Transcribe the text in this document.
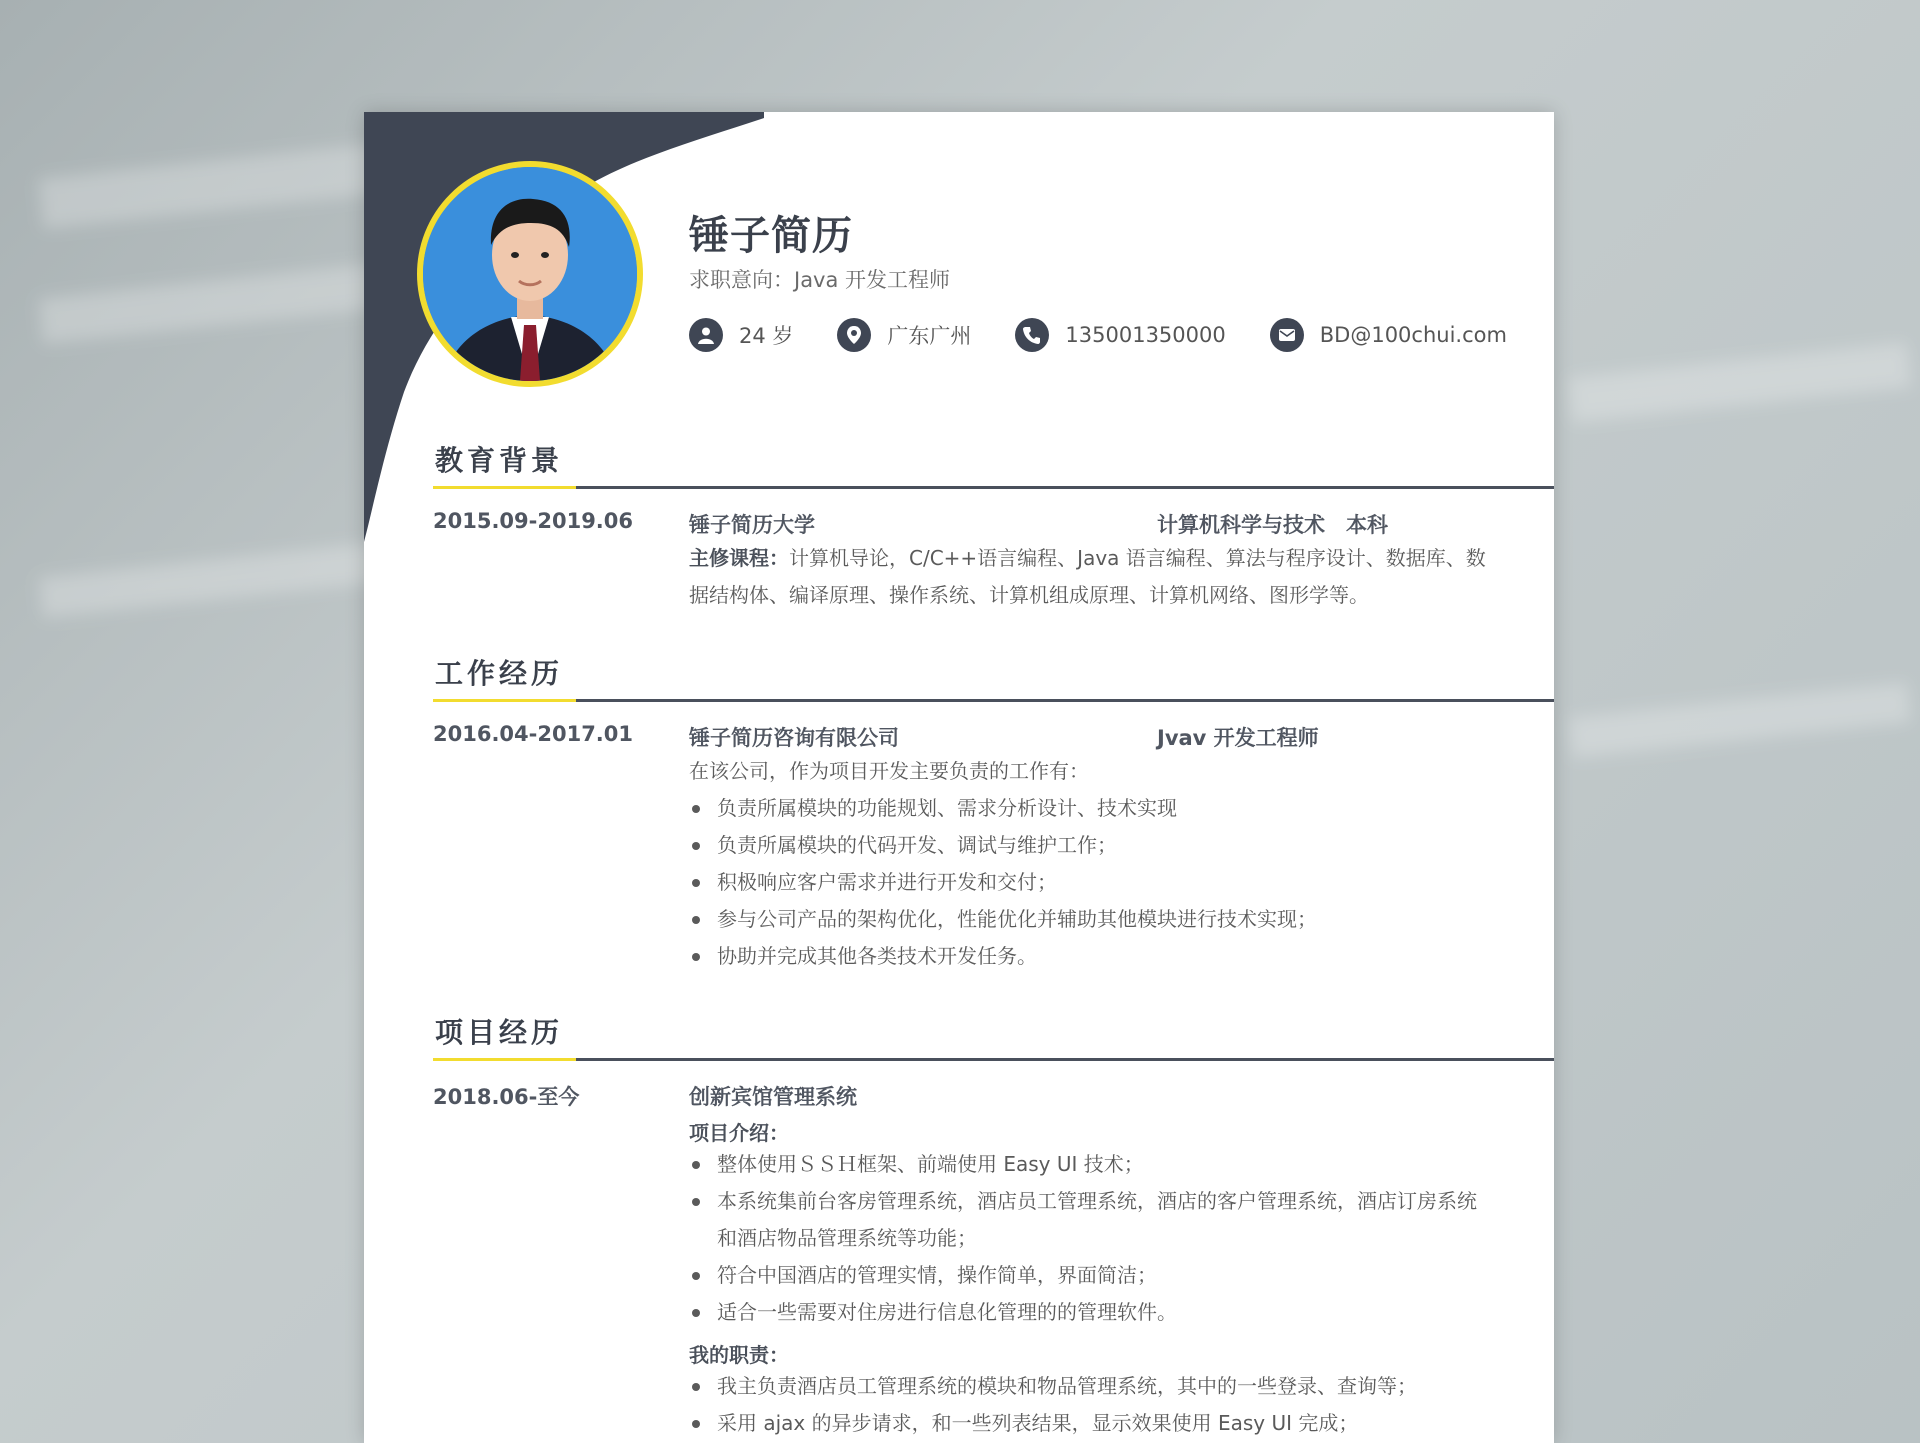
锤子简历
求职意向：Java 开发工程师
24 岁	广东广州	135001350000	BD@100chui.com
教育背景
2015.09-2019.06	锤子简历大学	计算机科学与技术　本科
主修课程：计算机导论，C/C++语言编程、Java 语言编程、算法与程序设计、数据库、数据结构体、编译原理、操作系统、计算机组成原理、计算机网络、图形学等。
工作经历
2016.04-2017.01	锤子简历咨询有限公司	Jvav 开发工程师
在该公司，作为项目开发主要负责的工作有：
负责所属模块的功能规划、需求分析设计、技术实现
负责所属模块的代码开发、调试与维护工作；
积极响应客户需求并进行开发和交付；
参与公司产品的架构优化，性能优化并辅助其他模块进行技术实现；
协助并完成其他各类技术开发任务。
项目经历
2018.06-至今	创新宾馆管理系统
项目介绍：
整体使用ＳＳＨ框架、前端使用 Easy UI 技术；
本系统集前台客房管理系统，酒店员工管理系统，酒店的客户管理系统，酒店订房系统和酒店物品管理系统等功能；
符合中国酒店的管理实情，操作简单，界面简洁；
适合一些需要对住房进行信息化管理的的管理软件。
我的职责：
我主负责酒店员工管理系统的模块和物品管理系统，其中的一些登录、查询等；
采用 ajax 的异步请求，和一些列表结果，显示效果使用 Easy UI 完成；
